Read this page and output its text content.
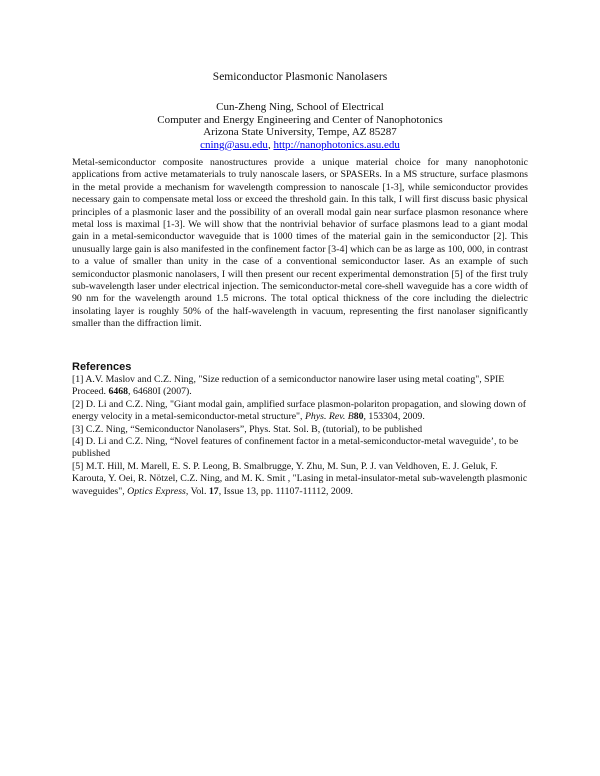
Semiconductor Plasmonic Nanolasers
Cun-Zheng Ning, School of Electrical
Computer and Energy Engineering and Center of Nanophotonics
Arizona State University, Tempe, AZ 85287
cning@asu.edu, http://nanophotonics.asu.edu

Metal-semiconductor composite nanostructures provide a unique material choice for many nanophotonic applications from active metamaterials to truly nanoscale lasers, or SPASERs. In a MS structure, surface plasmons in the metal provide a mechanism for wavelength compression to nanoscale [1-3], while semiconductor provides necessary gain to compensate metal loss or exceed the threshold gain. In this talk, I will first discuss basic physical principles of a plasmonic laser and the possibility of an overall modal gain near surface plasmon resonance where metal loss is maximal [1-3]. We will show that the nontrivial behavior of surface plasmons lead to a giant modal gain in a metal-semiconductor waveguide that is 1000 times of the material gain in the semiconductor [2]. This unusually large gain is also manifested in the confinement factor [3-4] which can be as large as 100, 000, in contrast to a value of smaller than unity in the case of a conventional semiconductor laser. As an example of such semiconductor plasmonic nanolasers, I will then present our recent experimental demonstration [5] of the first truly sub-wavelength laser under electrical injection. The semiconductor-metal core-shell waveguide has a core width of 90 nm for the wavelength around 1.5 microns. The total optical thickness of the core including the dielectric insolating layer is roughly 50% of the half-wavelength in vacuum, representing the first nanolaser significantly smaller than the diffraction limit.

References

[1] A.V. Maslov and C.Z. Ning, "Size reduction of a semiconductor nanowire laser using metal coating", SPIE Proceed. 6468, 64680I (2007).

[2] D. Li and C.Z. Ning, "Giant modal gain, amplified surface plasmon-polariton propagation, and slowing down of energy velocity in a metal-semiconductor-metal structure", Phys. Rev. B80, 153304, 2009.

[3] C.Z. Ning, “Semiconductor Nanolasers”, Phys. Stat. Sol. B, (tutorial), to be published

[4] D. Li and C.Z. Ning, “Novel features of confinement factor in a metal-semiconductor-metal waveguide’, to be published

[5] M.T. Hill, M. Marell, E. S. P. Leong, B. Smalbrugge, Y. Zhu, M. Sun, P. J. van Veldhoven, E. J. Geluk, F. Karouta, Y. Oei, R. Nötzel, C.Z. Ning, and M. K. Smit , "Lasing in metal-insulator-metal sub-wavelength plasmonic waveguides", Optics Express, Vol. 17, Issue 13, pp. 11107-11112, 2009.
